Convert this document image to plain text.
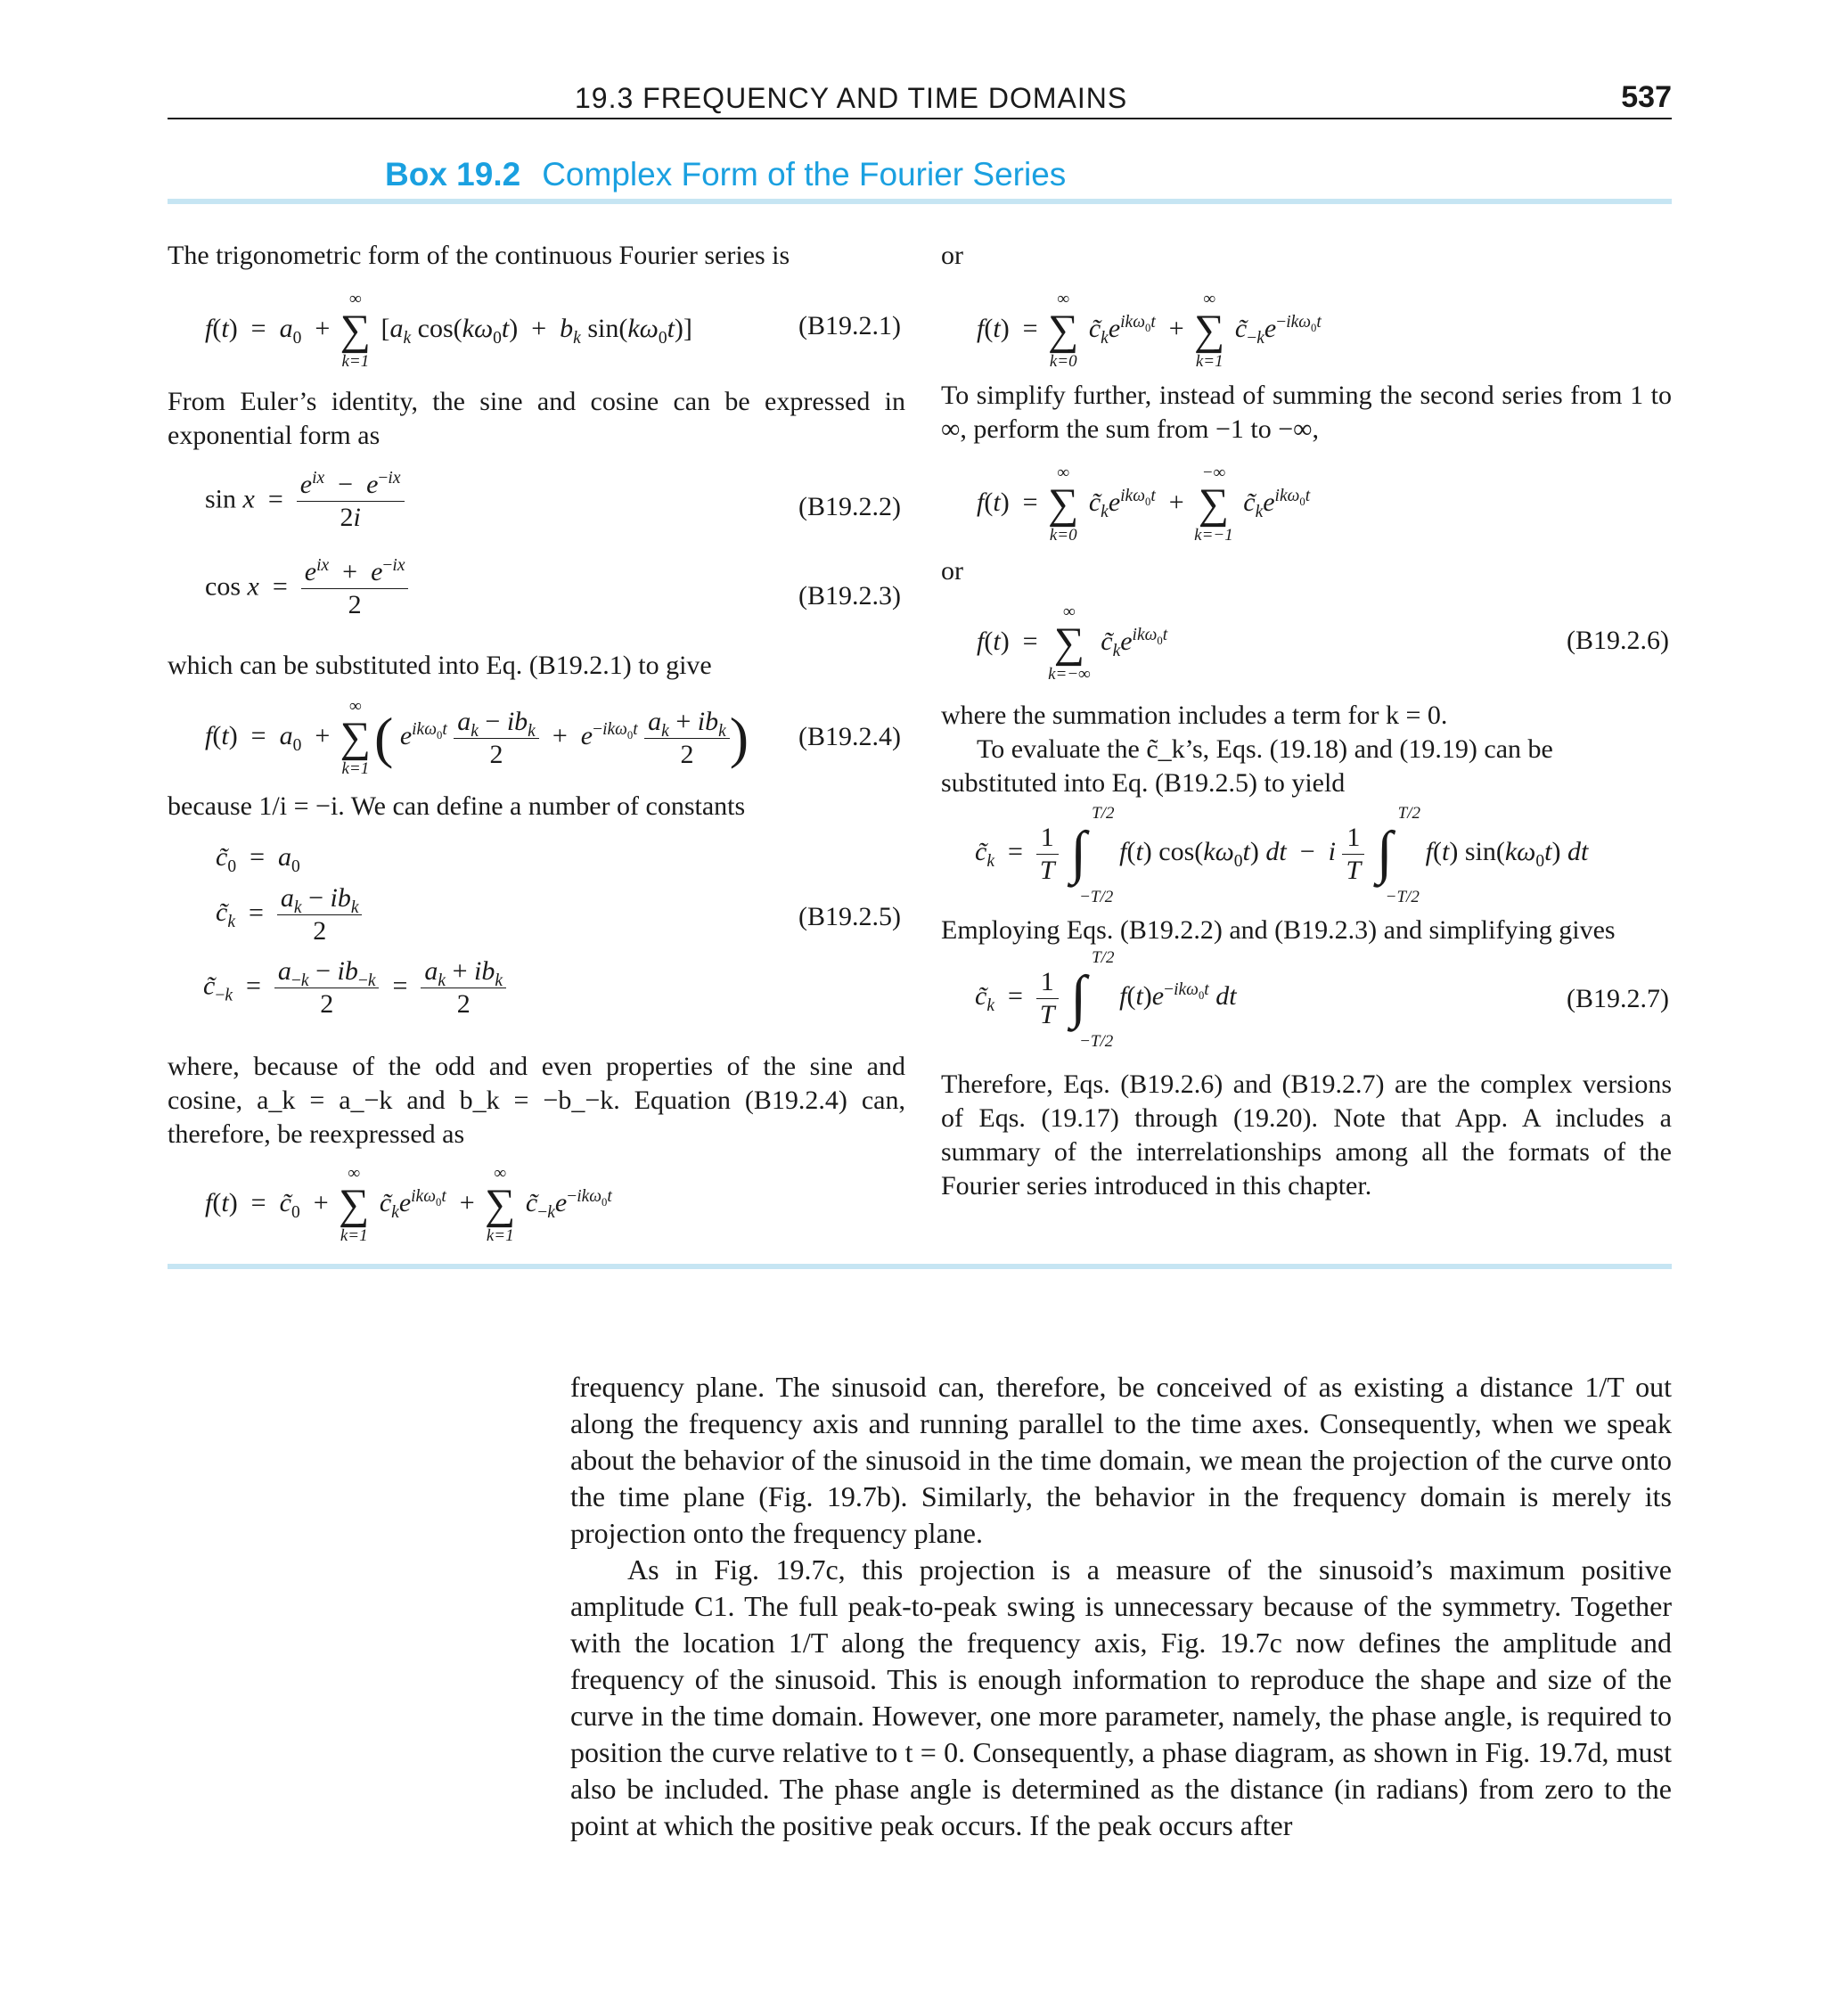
19.3 FREQUENCY AND TIME DOMAINS	537
Box 19.2 Complex Form of the Fourier Series
The trigonometric form of the continuous Fourier series is
$f(t) = a_0$  +
∞
∑
k=1
[$a_k$ $\cos(k\omega_0t) + b_k$ $\sin(k\omega_0t)$]	(B19.2.1)
From Euler’s identity, the sine and cosine can be expressed in exponential form as
$\sin x = \frac{e^{ix} - e^{-ix}}{2i}$	(B19.2.2)
$\cos x = \frac{e^{ix} + e^{-ix}}{2}$	(B19.2.3)
which can be substituted into Eq. (B19.2.1) to give
$f(t) = a_0$  +
∞
∑
k=1 ( $e^{ik\omega_0t} \frac{a_k - ib_k}{2} + e^{-ik\omega_0t} \frac{a_k + ib_k}{2}$ ) (B19.2.4)
because 1/i = −i. We can define a number of constants
$c̃_0 = a_0$
$c̃_k = \frac{a_k - ib_k}{2}$
$c̃_{-k} = \frac{a_{-k} - ib_{-k}}{2} = \frac{a_k + ib_k}{2}$
(B19.2.5)
where, because of the odd and even properties of the sine and cosine, a_k = a_−k and b_k = −b_−k. Equation (B19.2.4) can, therefore, be reexpressed as
$f(t) = c̃_0$  +
∞
∑
k=1
$c̃_ke^{ik\omega_0t}$  +
∞
∑
k=1
$c̃_{-k}e^{-ik\omega_0t}$
or
f(t)  =
∞
∑
k=0
$c̃_ke^{ik\omega_0t}$  +
∞
∑
k=1
$c̃_{-k}e^{-ik\omega_0t}$
To simplify further, instead of summing the second series from 1 to ∞, perform the sum from −1 to −∞,
f(t)  =
∞
∑
k=0
$c̃_ke^{ik\omega_0t}$  +
−∞
∑
k=−1
$c̃_ke^{ik\omega_0t}$
or
f(t)  =
∞
∑
k=−∞
$c̃_ke^{ik\omega_0t}$	(B19.2.6)
where the summation includes a term for k = 0.
To evaluate the c̃_k’s, Eqs. (19.18) and (19.19) can be substituted into Eq. (B19.2.5) to yield
$c̃_k = \frac{1}{T}$

T/2
∫
−T/2
f(t) $\cos(k\omega_0t)$ dt  −  i $\frac{1}{T}$

T/2
∫
−T/2
f(t) $\sin(k\omega_0t)$ dt
Employing Eqs. (B19.2.2) and (B19.2.3) and simplifying gives
$c̃_k = \frac{1}{T}$

T/2
∫
−T/2
$f(t)e^{-ik\omega_0t}$ dt	(B19.2.7)
Therefore, Eqs. (B19.2.6) and (B19.2.7) are the complex versions of Eqs. (19.17) through (19.20). Note that App. A includes a summary of the interrelationships among all the formats of the Fourier series introduced in this chapter.
frequency plane. The sinusoid can, therefore, be conceived of as existing a distance 1/T out along the frequency axis and running parallel to the time axes. Consequently, when we speak about the behavior of the sinusoid in the time domain, we mean the projection of the curve onto the time plane (Fig. 19.7b). Similarly, the behavior in the frequency domain is merely its projection onto the frequency plane.
As in Fig. 19.7c, this projection is a measure of the sinusoid’s maximum positive amplitude C1. The full peak-to-peak swing is unnecessary because of the symmetry. Together with the location 1/T along the frequency axis, Fig. 19.7c now defines the amplitude and frequency of the sinusoid. This is enough information to reproduce the shape and size of the curve in the time domain. However, one more parameter, namely, the phase angle, is required to position the curve relative to t = 0. Consequently, a phase diagram, as shown in Fig. 19.7d, must also be included. The phase angle is determined as the distance (in radians) from zero to the point at which the positive peak occurs. If the peak occurs after
